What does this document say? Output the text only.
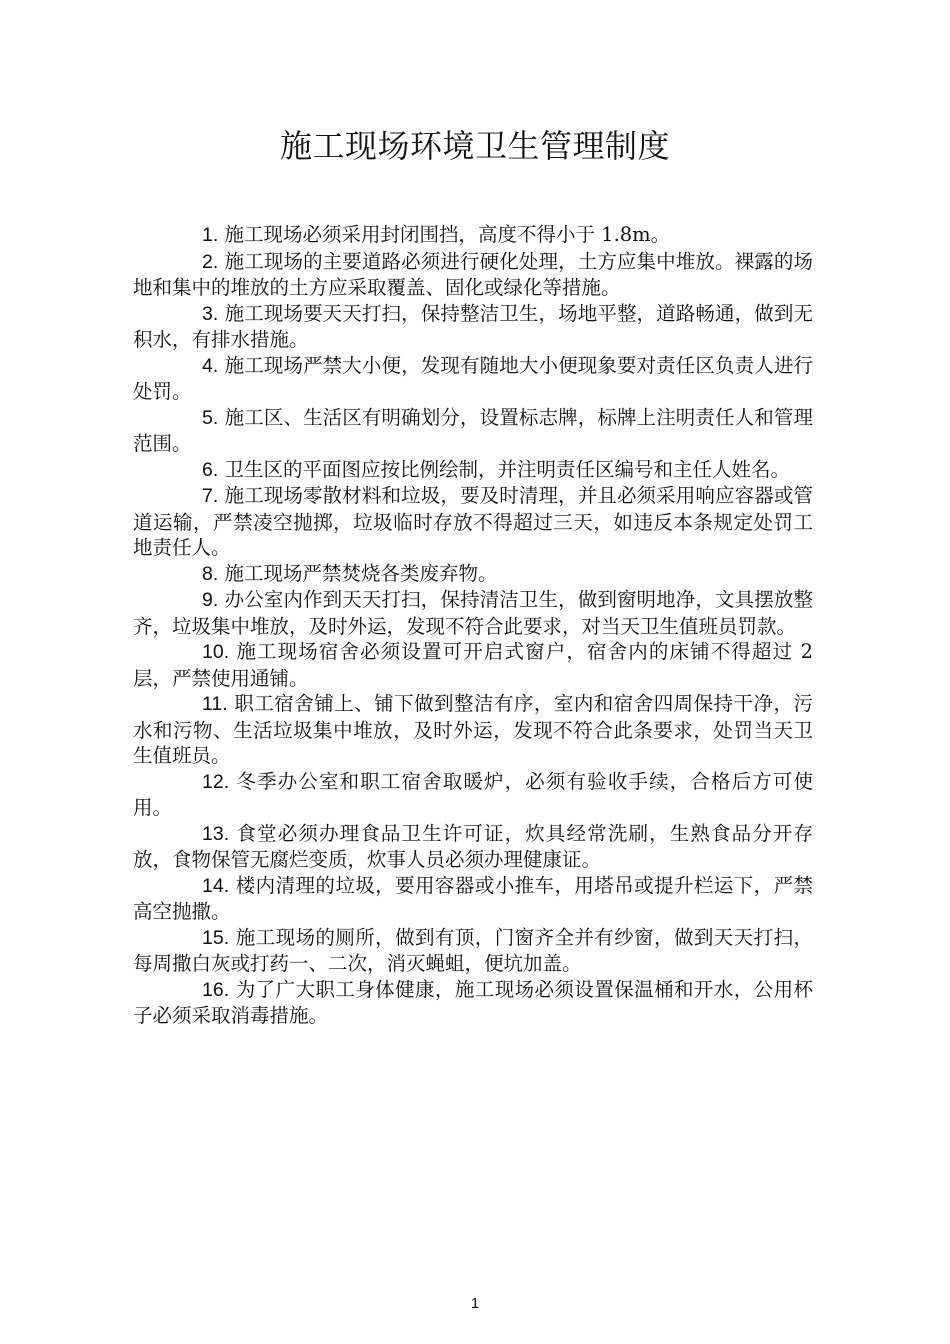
施工现场环境卫生管理制度

1. 施工现场必须采用封闭围挡，高度不得小于 1.8m。

2. 施工现场的主要道路必须进行硬化处理，土方应集中堆放。裸露的场地和集中的堆放的土方应采取覆盖、固化或绿化等措施。

3. 施工现场要天天打扫，保持整洁卫生，场地平整，道路畅通，做到无积水，有排水措施。

4. 施工现场严禁大小便，发现有随地大小便现象要对责任区负责人进行处罚。

5. 施工区、生活区有明确划分，设置标志牌，标牌上注明责任人和管理范围。

6. 卫生区的平面图应按比例绘制，并注明责任区编号和主任人姓名。

7. 施工现场零散材料和垃圾，要及时清理，并且必须采用响应容器或管道运输，严禁凌空抛掷，垃圾临时存放不得超过三天，如违反本条规定处罚工地责任人。

8. 施工现场严禁焚烧各类废弃物。

9. 办公室内作到天天打扫，保持清洁卫生，做到窗明地净，文具摆放整齐，垃圾集中堆放，及时外运，发现不符合此要求，对当天卫生值班员罚款。

10. 施工现场宿舍必须设置可开启式窗户，宿舍内的床铺不得超过 2 层，严禁使用通铺。

11. 职工宿舍铺上、铺下做到整洁有序，室内和宿舍四周保持干净，污水和污物、生活垃圾集中堆放，及时外运，发现不符合此条要求，处罚当天卫生值班员。

12. 冬季办公室和职工宿舍取暖炉，必须有验收手续，合格后方可使用。

13. 食堂必须办理食品卫生许可证，炊具经常洗刷，生熟食品分开存放，食物保管无腐烂变质，炊事人员必须办理健康证。

14. 楼内清理的垃圾，要用容器或小推车，用塔吊或提升栏运下，严禁高空抛撒。

15. 施工现场的厕所，做到有顶，门窗齐全并有纱窗，做到天天打扫，每周撒白灰或打药一、二次，消灭蝇蛆，便坑加盖。

16. 为了广大职工身体健康，施工现场必须设置保温桶和开水，公用杯子必须采取消毒措施。

1
